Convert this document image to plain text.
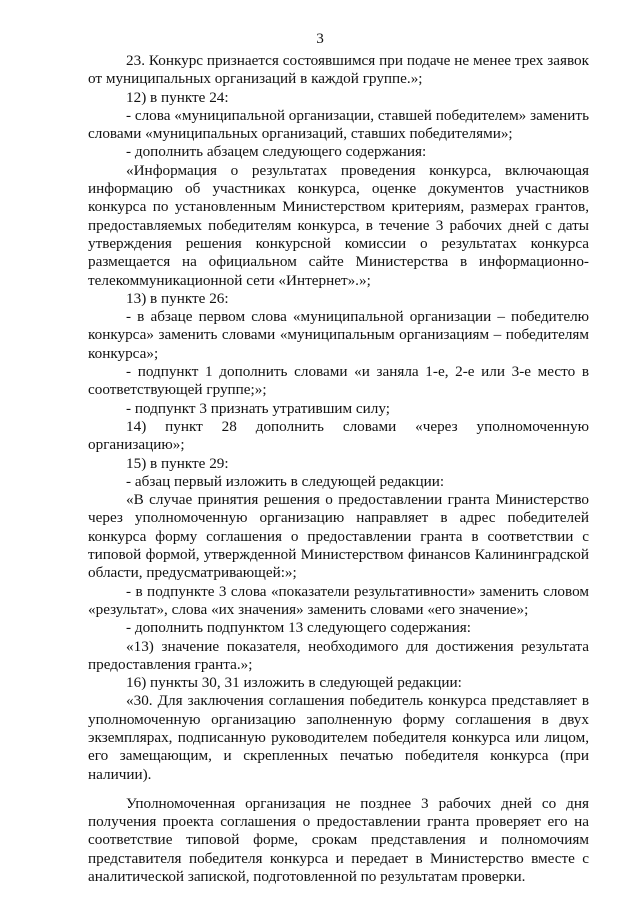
3

23. Конкурс признается состоявшимся при подаче не менее трех заявок от муниципальных организаций в каждой группе.»;

12) в пункте 24:

- слова «муниципальной организации, ставшей победителем» заменить словами «муниципальных организаций, ставших победителями»;

- дополнить абзацем следующего содержания:

«Информация о результатах проведения конкурса, включающая информацию об участниках конкурса, оценке документов участников конкурса по установленным Министерством критериям, размерах грантов, предоставляемых победителям конкурса, в течение 3 рабочих дней с даты утверждения решения конкурсной комиссии о результатах конкурса размещается на официальном сайте Министерства в информационно-телекоммуникационной сети «Интернет».»;

13) в пункте 26:

- в абзаце первом слова «муниципальной организации – победителю конкурса» заменить словами «муниципальным организациям – победителям конкурса»;

- подпункт 1 дополнить словами «и заняла 1-е, 2-е или 3-е место в соответствующей группе;»;

- подпункт 3 признать утратившим силу;

14) пункт 28 дополнить словами «через уполномоченную организацию»;

15) в пункте 29:

- абзац первый изложить в следующей редакции:

«В случае принятия решения о предоставлении гранта Министерство через уполномоченную организацию направляет в адрес победителей конкурса форму соглашения о предоставлении гранта в соответствии с типовой формой, утвержденной Министерством финансов Калининградской области, предусматривающей:»;

- в подпункте 3 слова «показатели результативности» заменить словом «результат», слова «их значения» заменить словами «его значение»;

- дополнить подпунктом 13 следующего содержания:

«13) значение показателя, необходимого для достижения результата предоставления гранта.»;

16) пункты 30, 31 изложить в следующей редакции:

«30. Для заключения соглашения победитель конкурса представляет в уполномоченную организацию заполненную форму соглашения в двух экземплярах, подписанную руководителем победителя конкурса или лицом, его замещающим, и скрепленных печатью победителя конкурса (при наличии).

Уполномоченная организация не позднее 3 рабочих дней со дня получения проекта соглашения о предоставлении гранта проверяет его на соответствие типовой форме, срокам представления и полномочиям представителя победителя конкурса и передает в Министерство вместе с аналитической запиской, подготовленной по результатам проверки.
